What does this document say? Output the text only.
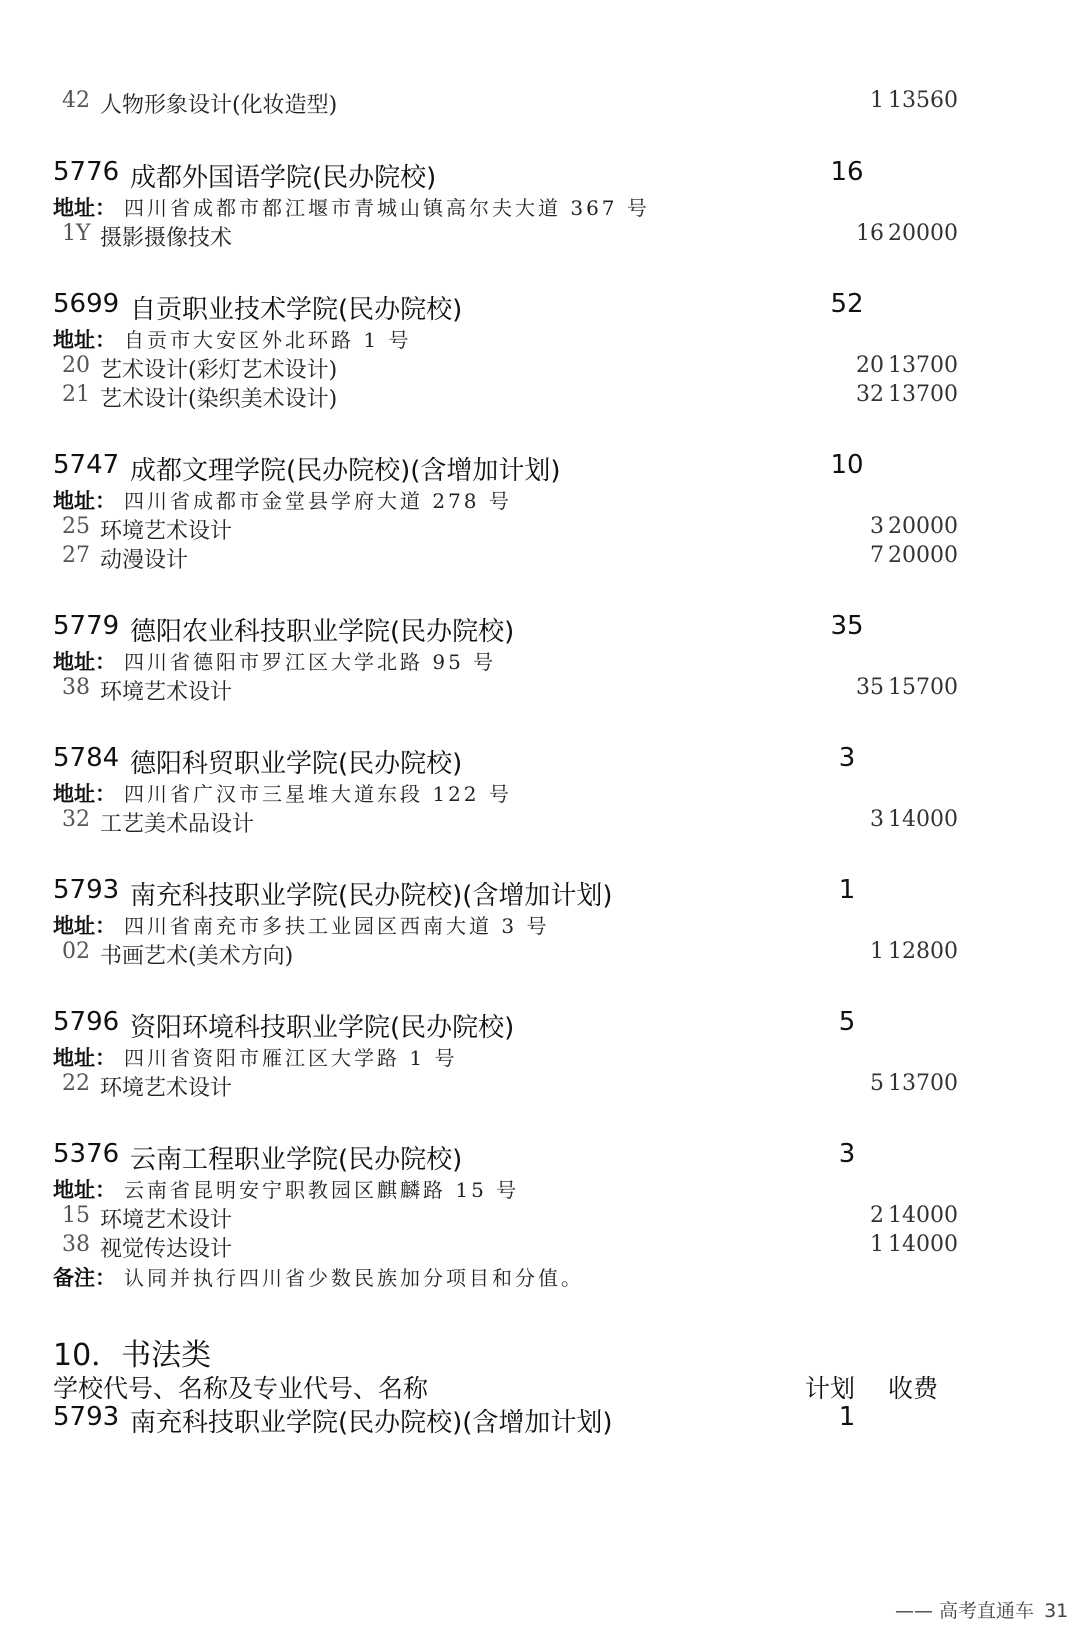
42 人物形象设计(化妆造型)	1 13560
5776 成都外国语学院(民办院校)	16
地址： 四川省成都市都江堰市青城山镇高尔夫大道 367 号
1Y 摄影摄像技术	16 20000
5699 自贡职业技术学院(民办院校)	52
地址： 自贡市大安区外北环路 1 号
20 艺术设计(彩灯艺术设计)	20 13700
21 艺术设计(染织美术设计)	32 13700
5747 成都文理学院(民办院校)(含增加计划)	10
地址： 四川省成都市金堂县学府大道 278 号
25 环境艺术设计	3 20000
27 动漫设计	7 20000
5779 德阳农业科技职业学院(民办院校)	35
地址： 四川省德阳市罗江区大学北路 95 号
38 环境艺术设计	35 15700
5784 德阳科贸职业学院(民办院校)	3
地址： 四川省广汉市三星堆大道东段 122 号
32 工艺美术品设计	3 14000
5793 南充科技职业学院(民办院校)(含增加计划)	1
地址： 四川省南充市多扶工业园区西南大道 3 号
02 书画艺术(美术方向)	1 12800
5796 资阳环境科技职业学院(民办院校)	5
地址： 四川省资阳市雁江区大学路 1 号
22 环境艺术设计	5 13700
5376 云南工程职业学院(民办院校)	3
地址： 云南省昆明安宁职教园区麒麟路 15 号
15 环境艺术设计	2 14000
38 视觉传达设计	1 14000
备注： 认同并执行四川省少数民族加分项目和分值。
10．书法类
学校代号、名称及专业代号、名称	计划 收费
5793 南充科技职业学院(民办院校)(含增加计划)	1
—— 高考直通车 31
